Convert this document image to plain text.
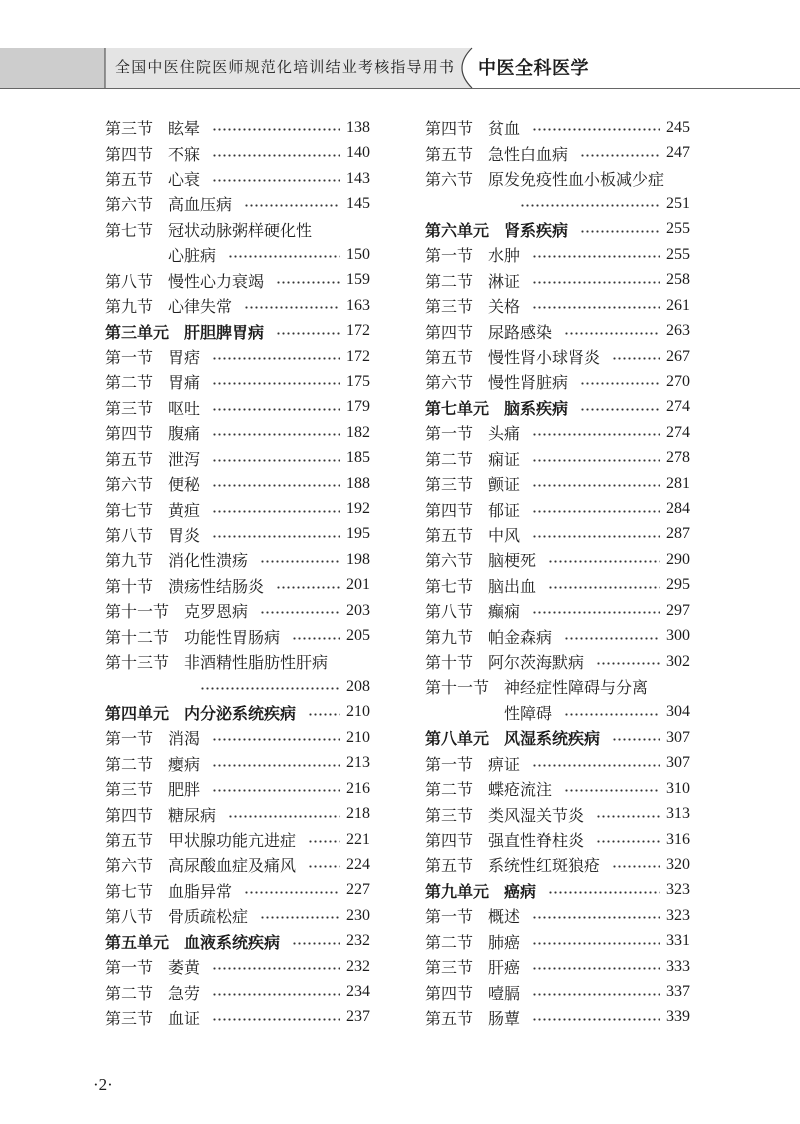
全国中医住院医师规范化培训结业考核指导用书 中医全科医学
第三节 眩晕	138
第四节 不寐	140
第五节 心衰	143
第六节 高血压病	145
第七节 冠状动脉粥样硬化性
心脏病	150
第八节 慢性心力衰竭	159
第九节 心律失常	163
第三单元 肝胆脾胃病	172
第一节 胃痞	172
第二节 胃痛	175
第三节 呕吐	179
第四节 腹痛	182
第五节 泄泻	185
第六节 便秘	188
第七节 黄疸	192
第八节 胃炎	195
第九节 消化性溃疡	198
第十节 溃疡性结肠炎	201
第十一节 克罗恩病	203
第十二节 功能性胃肠病	205
第十三节 非酒精性脂肪性肝病
208
第四单元 内分泌系统疾病	210
第一节 消渴	210
第二节 瘿病	213
第三节 肥胖	216
第四节 糖尿病	218
第五节 甲状腺功能亢进症	221
第六节 高尿酸血症及痛风	224
第七节 血脂异常	227
第八节 骨质疏松症	230
第五单元 血液系统疾病	232
第一节 萎黄	232
第二节 急劳	234
第三节 血证	237
第四节 贫血	245
第五节 急性白血病	247
第六节 原发免疫性血小板减少症
251
第六单元 肾系疾病	255
第一节 水肿	255
第二节 淋证	258
第三节 关格	261
第四节 尿路感染	263
第五节 慢性肾小球肾炎	267
第六节 慢性肾脏病	270
第七单元 脑系疾病	274
第一节 头痛	274
第二节 痫证	278
第三节 颤证	281
第四节 郁证	284
第五节 中风	287
第六节 脑梗死	290
第七节 脑出血	295
第八节 癫痫	297
第九节 帕金森病	300
第十节 阿尔茨海默病	302
第十一节 神经症性障碍与分离
性障碍	304
第八单元 风湿系统疾病	307
第一节 痹证	307
第二节 蝶疮流注	310
第三节 类风湿关节炎	313
第四节 强直性脊柱炎	316
第五节 系统性红斑狼疮	320
第九单元 癌病	323
第一节 概述	323
第二节 肺癌	331
第三节 肝癌	333
第四节 噎膈	337
第五节 肠蕈	339
·2·
